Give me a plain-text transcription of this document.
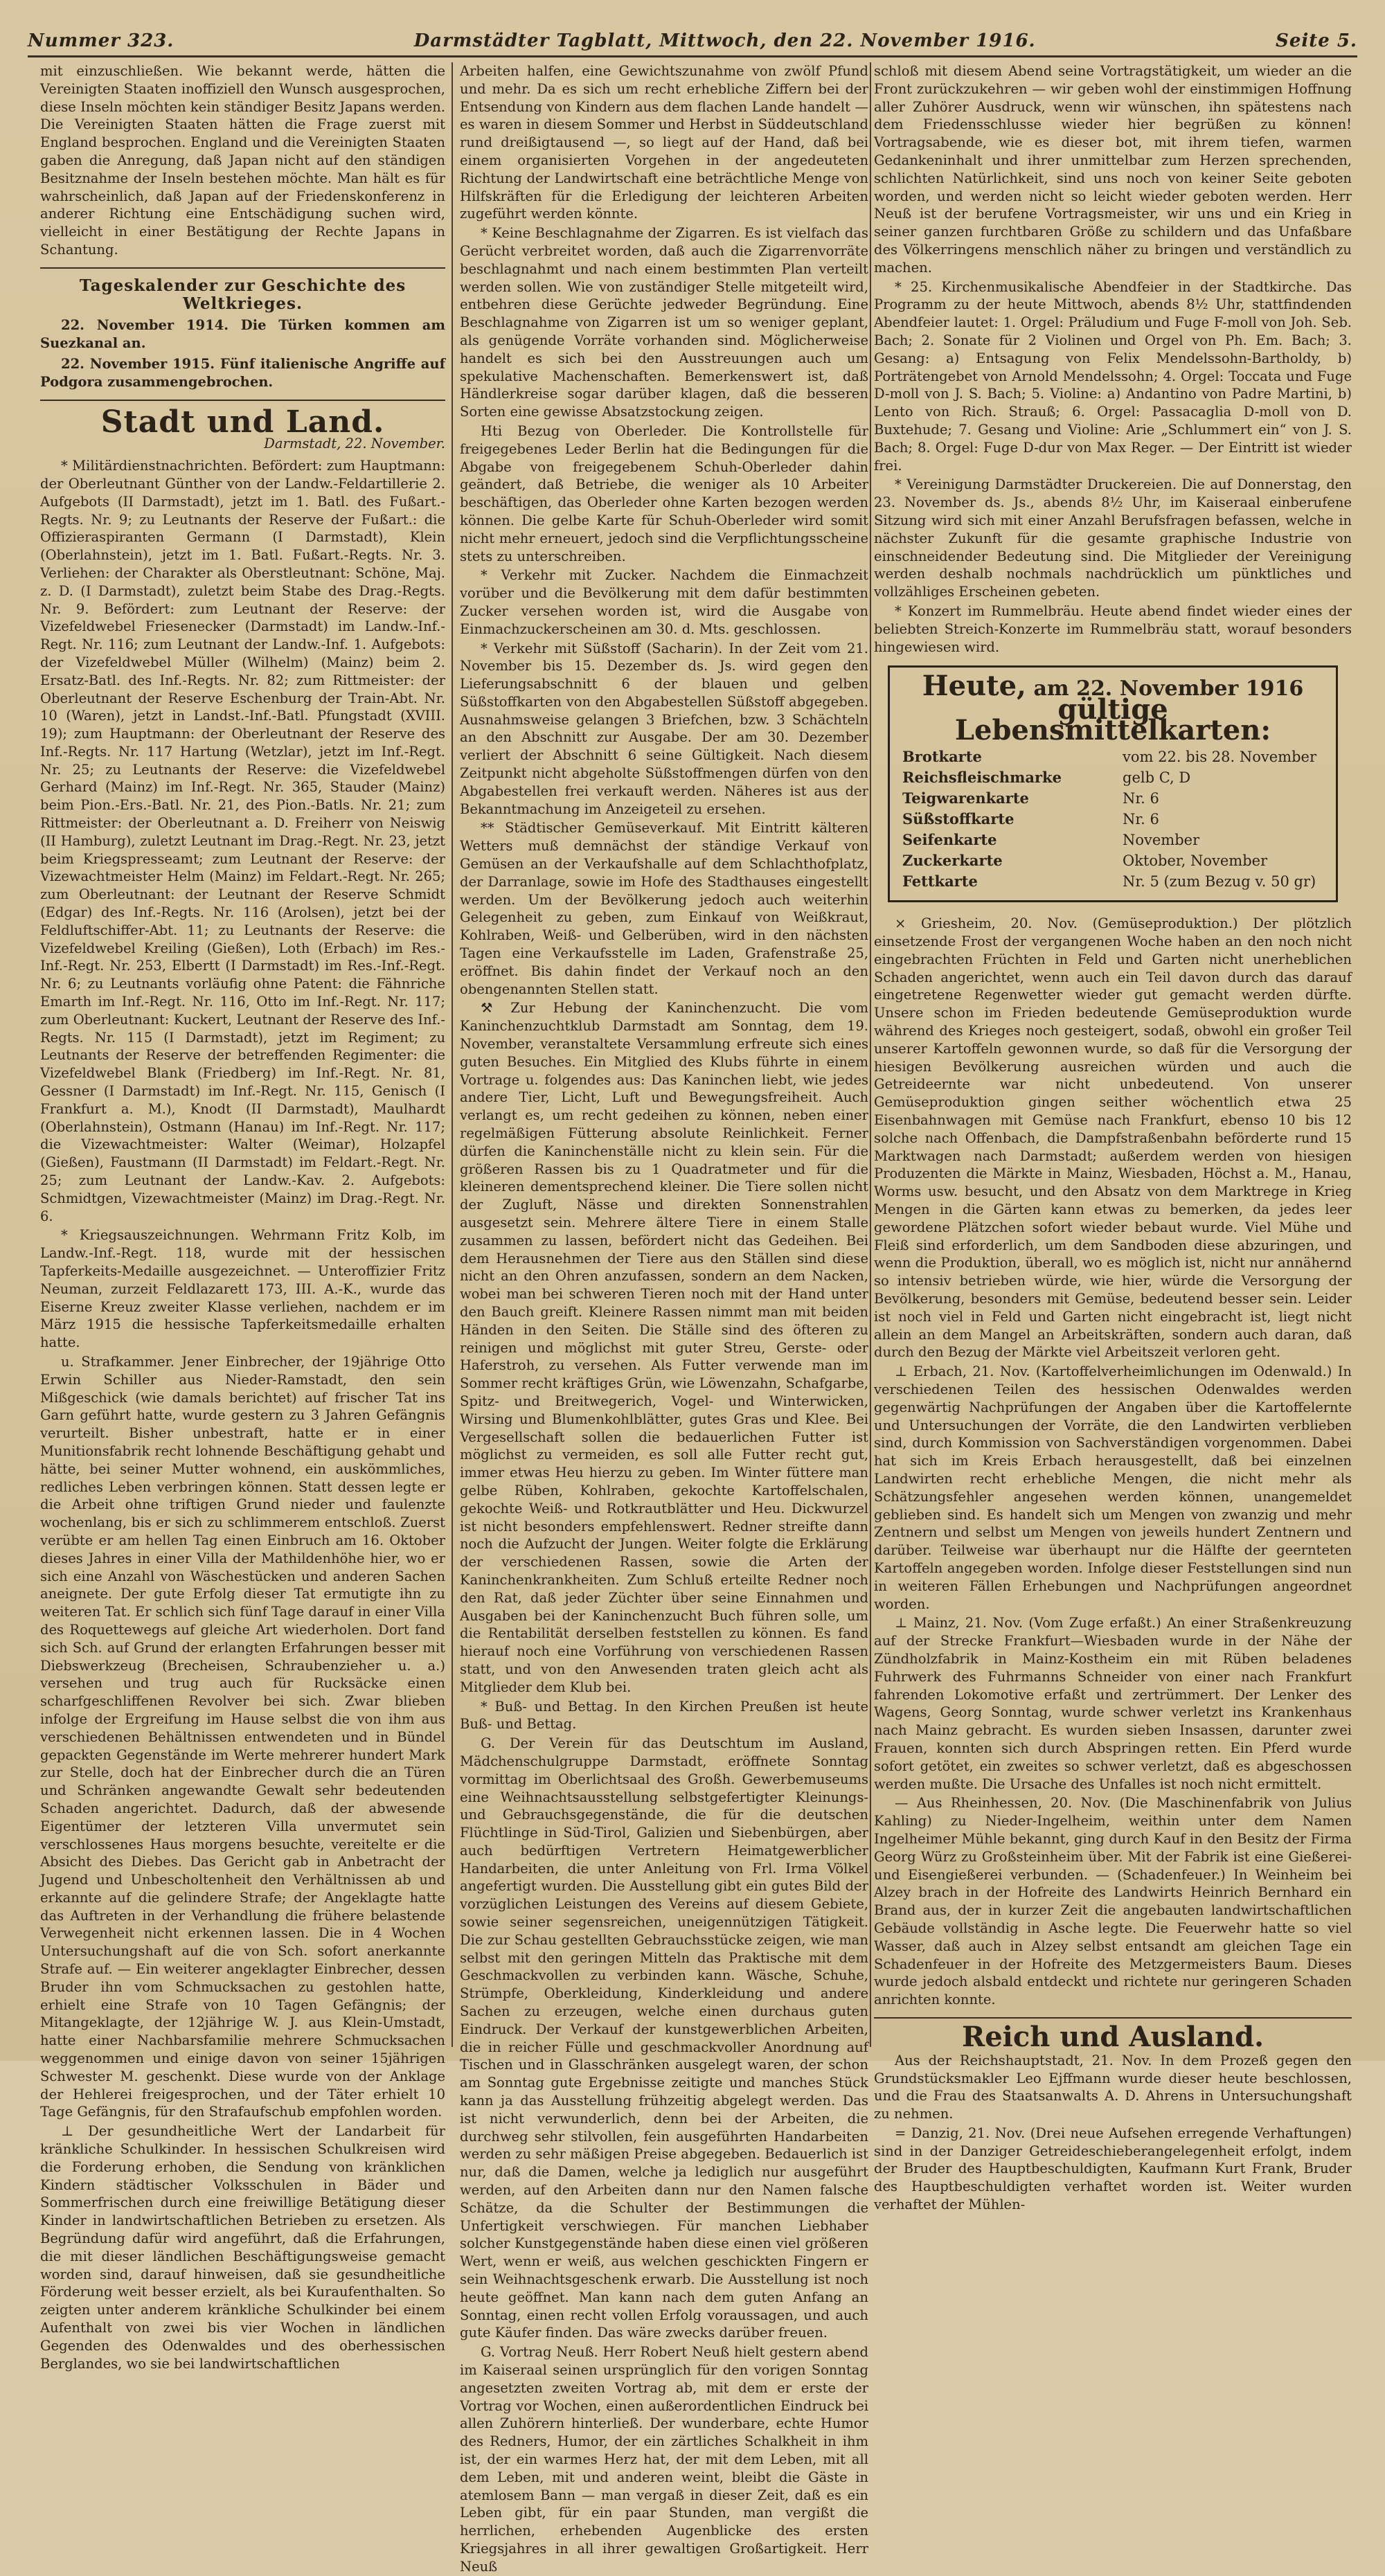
Nummer 323.	Darmstädter Tagblatt, Mittwoch, den 22. November 1916.	Seite 5.

mit einzuschließen. Wie bekannt werde, hätten die Vereinigten Staaten inoffiziell den Wunsch ausgesprochen, diese Inseln möchten kein ständiger Besitz Japans werden. Die Vereinigten Staaten hätten die Frage zuerst mit England besprochen. England und die Vereinigten Staaten gaben die Anregung, daß Japan nicht auf den ständigen Besitznahme der Inseln bestehen möchte. Man hält es für wahrscheinlich, daß Japan auf der Friedenskonferenz in anderer Richtung eine Entschädigung suchen wird, vielleicht in einer Bestätigung der Rechte Japans in Schantung.

Tageskalender zur Geschichte des Weltkrieges.

22. November 1914. Die Türken kommen am Suezkanal an.

22. November 1915. Fünf italienische Angriffe auf Podgora zusammengebrochen.

Stadt und Land.
Darmstadt, 22. November.

* Militärdienstnachrichten. Befördert: zum Hauptmann: der Oberleutnant Günther von der Landw.-Feldartillerie 2. Aufgebots (II Darmstadt), jetzt im 1. Batl. des Fußart.-Regts. Nr. 9; zu Leutnants der Reserve der Fußart.: die Offizieraspiranten Germann (I Darmstadt), Klein (Oberlahnstein), jetzt im 1. Batl. Fußart.-Regts. Nr. 3. Verliehen: der Charakter als Oberstleutnant: Schöne, Maj. z. D. (I Darmstadt), zuletzt beim Stabe des Drag.-Regts. Nr. 9. Befördert: zum Leutnant der Reserve: der Vizefeldwebel Friesenecker (Darmstadt) im Landw.-Inf.-Regt. Nr. 116; zum Leutnant der Landw.-Inf. 1. Aufgebots: der Vizefeldwebel Müller (Wilhelm) (Mainz) beim 2. Ersatz-Batl. des Inf.-Regts. Nr. 82; zum Rittmeister: der Oberleutnant der Reserve Eschenburg der Train-Abt. Nr. 10 (Waren), jetzt in Landst.-Inf.-Batl. Pfungstadt (XVIII. 19); zum Hauptmann: der Oberleutnant der Reserve des Inf.-Regts. Nr. 117 Hartung (Wetzlar), jetzt im Inf.-Regt. Nr. 25; zu Leutnants der Reserve: die Vizefeldwebel Gerhard (Mainz) im Inf.-Regt. Nr. 365, Stauder (Mainz) beim Pion.-Ers.-Batl. Nr. 21, des Pion.-Batls. Nr. 21; zum Rittmeister: der Oberleutnant a. D. Freiherr von Neiswig (II Hamburg), zuletzt Leutnant im Drag.-Regt. Nr. 23, jetzt beim Kriegspresseamt; zum Leutnant der Reserve: der Vizewachtmeister Helm (Mainz) im Feldart.-Regt. Nr. 265; zum Oberleutnant: der Leutnant der Reserve Schmidt (Edgar) des Inf.-Regts. Nr. 116 (Arolsen), jetzt bei der Feldluftschiffer-Abt. 11; zu Leutnants der Reserve: die Vizefeldwebel Kreiling (Gießen), Loth (Erbach) im Res.-Inf.-Regt. Nr. 253, Elbertt (I Darmstadt) im Res.-Inf.-Regt. Nr. 6; zu Leutnants vorläufig ohne Patent: die Fähnriche Emarth im Inf.-Regt. Nr. 116, Otto im Inf.-Regt. Nr. 117; zum Oberleutnant: Kuckert, Leutnant der Reserve des Inf.-Regts. Nr. 115 (I Darmstadt), jetzt im Regiment; zu Leutnants der Reserve der betreffenden Regimenter: die Vizefeldwebel Blank (Friedberg) im Inf.-Regt. Nr. 81, Gessner (I Darmstadt) im Inf.-Regt. Nr. 115, Genisch (I Frankfurt a. M.), Knodt (II Darmstadt), Maulhardt (Oberlahnstein), Ostmann (Hanau) im Inf.-Regt. Nr. 117; die Vizewachtmeister: Walter (Weimar), Holzapfel (Gießen), Faustmann (II Darmstadt) im Feldart.-Regt. Nr. 25; zum Leutnant der Landw.-Kav. 2. Aufgebots: Schmidtgen, Vizewachtmeister (Mainz) im Drag.-Regt. Nr. 6.

* Kriegsauszeichnungen. Wehrmann Fritz Kolb, im Landw.-Inf.-Regt. 118, wurde mit der hessischen Tapferkeits-Medaille ausgezeichnet. — Unteroffizier Fritz Neuman, zurzeit Feldlazarett 173, III. A.-K., wurde das Eiserne Kreuz zweiter Klasse verliehen, nachdem er im März 1915 die hessische Tapferkeitsmedaille erhalten hatte.

u. Strafkammer. Jener Einbrecher, der 19jährige Otto Erwin Schiller aus Nieder-Ramstadt, den sein Mißgeschick (wie damals berichtet) auf frischer Tat ins Garn geführt hatte, wurde gestern zu 3 Jahren Gefängnis verurteilt. Bisher unbestraft, hatte er in einer Munitionsfabrik recht lohnende Beschäftigung gehabt und hätte, bei seiner Mutter wohnend, ein auskömmliches, redliches Leben verbringen können. Statt dessen legte er die Arbeit ohne triftigen Grund nieder und faulenzte wochenlang, bis er sich zu schlimmerem entschloß. Zuerst verübte er am hellen Tag einen Einbruch am 16. Oktober dieses Jahres in einer Villa der Mathildenhöhe hier, wo er sich eine Anzahl von Wäschestücken und anderen Sachen aneignete. Der gute Erfolg dieser Tat ermutigte ihn zu weiteren Tat. Er schlich sich fünf Tage darauf in einer Villa des Roquettewegs auf gleiche Art wiederholen. Dort fand sich Sch. auf Grund der erlangten Erfahrungen besser mit Diebswerkzeug (Brecheisen, Schraubenzieher u. a.) versehen und trug auch für Rucksäcke einen scharfgeschliffenen Revolver bei sich. Zwar blieben infolge der Ergreifung im Hause selbst die von ihm aus verschiedenen Behältnissen entwendeten und in Bündel gepackten Gegenstände im Werte mehrerer hundert Mark zur Stelle, doch hat der Einbrecher durch die an Türen und Schränken angewandte Gewalt sehr bedeutenden Schaden angerichtet. Dadurch, daß der abwesende Eigentümer der letzteren Villa unvermutet sein verschlossenes Haus morgens besuchte, vereitelte er die Absicht des Diebes. Das Gericht gab in Anbetracht der Jugend und Unbescholtenheit den Verhältnissen ab und erkannte auf die gelindere Strafe; der Angeklagte hatte das Auftreten in der Verhandlung die frühere belastende Verwegenheit nicht erkennen lassen. Die in 4 Wochen Untersuchungshaft auf die von Sch. sofort anerkannte Strafe auf. — Ein weiterer angeklagter Einbrecher, dessen Bruder ihn vom Schmucksachen zu gestohlen hatte, erhielt eine Strafe von 10 Tagen Gefängnis; der Mitangeklagte, der 12jährige W. J. aus Klein-Umstadt, hatte einer Nachbarsfamilie mehrere Schmucksachen weggenommen und einige davon von seiner 15jährigen Schwester M. geschenkt. Diese wurde von der Anklage der Hehlerei freigesprochen, und der Täter erhielt 10 Tage Gefängnis, für den Strafaufschub empfohlen worden.

⊥ Der gesundheitliche Wert der Landarbeit für kränkliche Schulkinder. In hessischen Schulkreisen wird die Forderung erhoben, die Sendung von kränklichen Kindern städtischer Volksschulen in Bäder und Sommerfrischen durch eine freiwillige Betätigung dieser Kinder in landwirtschaftlichen Betrieben zu ersetzen. Als Begründung dafür wird angeführt, daß die Erfahrungen, die mit dieser ländlichen Beschäftigungsweise gemacht worden sind, darauf hinweisen, daß sie gesundheitliche Förderung weit besser erzielt, als bei Kuraufenthalten. So zeigten unter anderem kränkliche Schulkinder bei einem Aufenthalt von zwei bis vier Wochen in ländlichen Gegenden des Odenwaldes und des oberhessischen Berglandes, wo sie bei landwirtschaftlichen

Arbeiten halfen, eine Gewichtszunahme von zwölf Pfund und mehr. Da es sich um recht erhebliche Ziffern bei der Entsendung von Kindern aus dem flachen Lande handelt — es waren in diesem Sommer und Herbst in Süddeutschland rund dreißigtausend —, so liegt auf der Hand, daß bei einem organisierten Vorgehen in der angedeuteten Richtung der Landwirtschaft eine beträchtliche Menge von Hilfskräften für die Erledigung der leichteren Arbeiten zugeführt werden könnte.

* Keine Beschlagnahme der Zigarren. Es ist vielfach das Gerücht verbreitet worden, daß auch die Zigarrenvorräte beschlagnahmt und nach einem bestimmten Plan verteilt werden sollen. Wie von zuständiger Stelle mitgeteilt wird, entbehren diese Gerüchte jedweder Begründung. Eine Beschlagnahme von Zigarren ist um so weniger geplant, als genügende Vorräte vorhanden sind. Möglicherweise handelt es sich bei den Ausstreuungen auch um spekulative Machenschaften. Bemerkenswert ist, daß Händlerkreise sogar darüber klagen, daß die besseren Sorten eine gewisse Absatzstockung zeigen.

Hti Bezug von Oberleder. Die Kontrollstelle für freigegebenes Leder Berlin hat die Bedingungen für die Abgabe von freigegebenem Schuh-Oberleder dahin geändert, daß Betriebe, die weniger als 10 Arbeiter beschäftigen, das Oberleder ohne Karten bezogen werden können. Die gelbe Karte für Schuh-Oberleder wird somit nicht mehr erneuert, jedoch sind die Verpflichtungsscheine stets zu unterschreiben.

* Verkehr mit Zucker. Nachdem die Einmachzeit vorüber und die Bevölkerung mit dem dafür bestimmten Zucker versehen worden ist, wird die Ausgabe von Einmachzuckerscheinen am 30. d. Mts. geschlossen.

* Verkehr mit Süßstoff (Sacharin). In der Zeit vom 21. November bis 15. Dezember ds. Js. wird gegen den Lieferungsabschnitt 6 der blauen und gelben Süßstoffkarten von den Abgabestellen Süßstoff abgegeben. Ausnahmsweise gelangen 3 Briefchen, bzw. 3 Schächteln an den Abschnitt zur Ausgabe. Der am 30. Dezember verliert der Abschnitt 6 seine Gültigkeit. Nach diesem Zeitpunkt nicht abgeholte Süßstoffmengen dürfen von den Abgabestellen frei verkauft werden. Näheres ist aus der Bekanntmachung im Anzeigeteil zu ersehen.

** Städtischer Gemüseverkauf. Mit Eintritt kälteren Wetters muß demnächst der ständige Verkauf von Gemüsen an der Verkaufshalle auf dem Schlachthofplatz, der Darranlage, sowie im Hofe des Stadthauses eingestellt werden. Um der Bevölkerung jedoch auch weiterhin Gelegenheit zu geben, zum Einkauf von Weißkraut, Kohlraben, Weiß- und Gelberüben, wird in den nächsten Tagen eine Verkaufsstelle im Laden, Grafenstraße 25, eröffnet. Bis dahin findet der Verkauf noch an den obengenannten Stellen statt.

⚒ Zur Hebung der Kaninchenzucht. Die vom Kaninchenzuchtklub Darmstadt am Sonntag, dem 19. November, veranstaltete Versammlung erfreute sich eines guten Besuches. Ein Mitglied des Klubs führte in einem Vortrage u. folgendes aus: Das Kaninchen liebt, wie jedes andere Tier, Licht, Luft und Bewegungsfreiheit. Auch verlangt es, um recht gedeihen zu können, neben einer regelmäßigen Fütterung absolute Reinlichkeit. Ferner dürfen die Kaninchenställe nicht zu klein sein. Für die größeren Rassen bis zu 1 Quadratmeter und für die kleineren dementsprechend kleiner. Die Tiere sollen nicht der Zugluft, Nässe und direkten Sonnenstrahlen ausgesetzt sein. Mehrere ältere Tiere in einem Stalle zusammen zu lassen, befördert nicht das Gedeihen. Bei dem Herausnehmen der Tiere aus den Ställen sind diese nicht an den Ohren anzufassen, sondern an dem Nacken, wobei man bei schweren Tieren noch mit der Hand unter den Bauch greift. Kleinere Rassen nimmt man mit beiden Händen in den Seiten. Die Ställe sind des öfteren zu reinigen und möglichst mit guter Streu, Gerste- oder Haferstroh, zu versehen. Als Futter verwende man im Sommer recht kräftiges Grün, wie Löwenzahn, Schafgarbe, Spitz- und Breitwegerich, Vogel- und Winterwicken, Wirsing und Blumenkohlblätter, gutes Gras und Klee. Bei Vergesellschaft sollen die bedauerlichen Futter ist möglichst zu vermeiden, es soll alle Futter recht gut, immer etwas Heu hierzu zu geben. Im Winter füttere man gelbe Rüben, Kohlraben, gekochte Kartoffelschalen, gekochte Weiß- und Rotkrautblätter und Heu. Dickwurzel ist nicht besonders empfehlenswert. Redner streifte dann noch die Aufzucht der Jungen. Weiter folgte die Erklärung der verschiedenen Rassen, sowie die Arten der Kaninchenkrankheiten. Zum Schluß erteilte Redner noch den Rat, daß jeder Züchter über seine Einnahmen und Ausgaben bei der Kaninchenzucht Buch führen solle, um die Rentabilität derselben feststellen zu können. Es fand hierauf noch eine Vorführung von verschiedenen Rassen statt, und von den Anwesenden traten gleich acht als Mitglieder dem Klub bei.

* Buß- und Bettag. In den Kirchen Preußen ist heute Buß- und Bettag.

G. Der Verein für das Deutschtum im Ausland, Mädchenschulgruppe Darmstadt, eröffnete Sonntag vormittag im Oberlichtsaal des Großh. Gewerbemuseums eine Weihnachtsausstellung selbstgefertigter Kleinungs- und Gebrauchsgegenstände, die für die deutschen Flüchtlinge in Süd-Tirol, Galizien und Siebenbürgen, aber auch bedürftigen Vertretern Heimatgewerblicher Handarbeiten, die unter Anleitung von Frl. Irma Völkel angefertigt wurden. Die Ausstellung gibt ein gutes Bild der vorzüglichen Leistungen des Vereins auf diesem Gebiete, sowie seiner segensreichen, uneigennützigen Tätigkeit. Die zur Schau gestellten Gebrauchsstücke zeigen, wie man selbst mit den geringen Mitteln das Praktische mit dem Geschmackvollen zu verbinden kann. Wäsche, Schuhe, Strümpfe, Oberkleidung, Kinderkleidung und andere Sachen zu erzeugen, welche einen durchaus guten Eindruck. Der Verkauf der kunstgewerblichen Arbeiten, die in reicher Fülle und geschmackvoller Anordnung auf Tischen und in Glasschränken ausgelegt waren, der schon am Sonntag gute Ergebnisse zeitigte und manches Stück kann ja das Ausstellung frühzeitig abgelegt werden. Das ist nicht verwunderlich, denn bei der Arbeiten, die durchweg sehr stilvollen, fein ausgeführten Handarbeiten werden zu sehr mäßigen Preise abgegeben. Bedauerlich ist nur, daß die Damen, welche ja lediglich nur ausgeführt werden, auf den Arbeiten dann nur den Namen falsche Schätze, da die Schulter der Bestimmungen die Unfertigkeit verschwiegen. Für manchen Liebhaber solcher Kunstgegenstände haben diese einen viel größeren Wert, wenn er weiß, aus welchen geschickten Fingern er sein Weihnachtsgeschenk erwarb. Die Ausstellung ist noch heute geöffnet. Man kann nach dem guten Anfang an Sonntag, einen recht vollen Erfolg voraussagen, und auch gute Käufer finden. Das wäre zwecks darüber freuen.

G. Vortrag Neuß. Herr Robert Neuß hielt gestern abend im Kaiseraal seinen ursprünglich für den vorigen Sonntag angesetzten zweiten Vortrag ab, mit dem er erste der Vortrag vor Wochen, einen außerordentlichen Eindruck bei allen Zuhörern hinterließ. Der wunderbare, echte Humor des Redners, Humor, der ein zärtliches Schalkheit in ihm ist, der ein warmes Herz hat, der mit dem Leben, mit all dem Leben, mit und anderen weint, bleibt die Gäste in atemlosem Bann — man vergaß in dieser Zeit, daß es ein Leben gibt, für ein paar Stunden, man vergißt die herrlichen, erhebenden Augenblicke des ersten Kriegsjahres in all ihrer gewaltigen Großartigkeit. Herr Neuß

schloß mit diesem Abend seine Vortragstätigkeit, um wieder an die Front zurückzukehren — wir geben wohl der einstimmigen Hoffnung aller Zuhörer Ausdruck, wenn wir wünschen, ihn spätestens nach dem Friedensschlusse wieder hier begrüßen zu können! Vortragsabende, wie es dieser bot, mit ihrem tiefen, warmen Gedankeninhalt und ihrer unmittelbar zum Herzen sprechenden, schlichten Natürlichkeit, sind uns noch von keiner Seite geboten worden, und werden nicht so leicht wieder geboten werden. Herr Neuß ist der berufene Vortragsmeister, wir uns und ein Krieg in seiner ganzen furchtbaren Größe zu schildern und das Unfaßbare des Völkerringens menschlich näher zu bringen und verständlich zu machen.

* 25. Kirchenmusikalische Abendfeier in der Stadtkirche. Das Programm zu der heute Mittwoch, abends 8½ Uhr, stattfindenden Abendfeier lautet: 1. Orgel: Präludium und Fuge F-moll von Joh. Seb. Bach; 2. Sonate für 2 Violinen und Orgel von Ph. Em. Bach; 3. Gesang: a) Entsagung von Felix Mendelssohn-Bartholdy, b) Porträtengebet von Arnold Mendelssohn; 4. Orgel: Toccata und Fuge D-moll von J. S. Bach; 5. Violine: a) Andantino von Padre Martini, b) Lento von Rich. Strauß; 6. Orgel: Passacaglia D-moll von D. Buxtehude; 7. Gesang und Violine: Arie „Schlummert ein“ von J. S. Bach; 8. Orgel: Fuge D-dur von Max Reger. — Der Eintritt ist wieder frei.

* Vereinigung Darmstädter Druckereien. Die auf Donnerstag, den 23. November ds. Js., abends 8½ Uhr, im Kaiseraal einberufene Sitzung wird sich mit einer Anzahl Berufsfragen befassen, welche in nächster Zukunft für die gesamte graphische Industrie von einschneidender Bedeutung sind. Die Mitglieder der Vereinigung werden deshalb nochmals nachdrücklich um pünktliches und vollzähliges Erscheinen gebeten.

* Konzert im Rummelbräu. Heute abend findet wieder eines der beliebten Streich-Konzerte im Rummelbräu statt, worauf besonders hingewiesen wird.

Heute, am 22. November 1916
gültige Lebensmittelkarten:
Brotkarte	vom 22. bis 28. November
Reichsfleischmarke	gelb C, D
Teigwarenkarte	Nr. 6
Süßstoffkarte	Nr. 6
Seifenkarte	November
Zuckerkarte	Oktober, November
Fettkarte	Nr. 5 (zum Bezug v. 50 gr)

× Griesheim, 20. Nov. (Gemüseproduktion.) Der plötzlich einsetzende Frost der vergangenen Woche haben an den noch nicht eingebrachten Früchten in Feld und Garten nicht unerheblichen Schaden angerichtet, wenn auch ein Teil davon durch das darauf eingetretene Regenwetter wieder gut gemacht werden dürfte. Unsere schon im Frieden bedeutende Gemüseproduktion wurde während des Krieges noch gesteigert, sodaß, obwohl ein großer Teil unserer Kartoffeln gewonnen wurde, so daß für die Versorgung der hiesigen Bevölkerung ausreichen würden und auch die Getreideernte war nicht unbedeutend. Von unserer Gemüseproduktion gingen seither wöchentlich etwa 25 Eisenbahnwagen mit Gemüse nach Frankfurt, ebenso 10 bis 12 solche nach Offenbach, die Dampfstraßenbahn beförderte rund 15 Marktwagen nach Darmstadt; außerdem werden von hiesigen Produzenten die Märkte in Mainz, Wiesbaden, Höchst a. M., Hanau, Worms usw. besucht, und den Absatz von dem Marktrege in Krieg Mengen in die Gärten kann etwas zu bemerken, da jedes leer gewordene Plätzchen sofort wieder bebaut wurde. Viel Mühe und Fleiß sind erforderlich, um dem Sandboden diese abzuringen, und wenn die Produktion, überall, wo es möglich ist, nicht nur annähernd so intensiv betrieben würde, wie hier, würde die Versorgung der Bevölkerung, besonders mit Gemüse, bedeutend besser sein. Leider ist noch viel in Feld und Garten nicht eingebracht ist, liegt nicht allein an dem Mangel an Arbeitskräften, sondern auch daran, daß durch den Bezug der Märkte viel Arbeitszeit verloren geht.

⊥ Erbach, 21. Nov. (Kartoffelverheimlichungen im Odenwald.) In verschiedenen Teilen des hessischen Odenwaldes werden gegenwärtig Nachprüfungen der Angaben über die Kartoffelernte und Untersuchungen der Vorräte, die den Landwirten verblieben sind, durch Kommission von Sachverständigen vorgenommen. Dabei hat sich im Kreis Erbach herausgestellt, daß bei einzelnen Landwirten recht erhebliche Mengen, die nicht mehr als Schätzungsfehler angesehen werden können, unangemeldet geblieben sind. Es handelt sich um Mengen von zwanzig und mehr Zentnern und selbst um Mengen von jeweils hundert Zentnern und darüber. Teilweise war überhaupt nur die Hälfte der geernteten Kartoffeln angegeben worden. Infolge dieser Feststellungen sind nun in weiteren Fällen Erhebungen und Nachprüfungen angeordnet worden.

⊥ Mainz, 21. Nov. (Vom Zuge erfaßt.) An einer Straßenkreuzung auf der Strecke Frankfurt—Wiesbaden wurde in der Nähe der Zündholzfabrik in Mainz-Kostheim ein mit Rüben beladenes Fuhrwerk des Fuhrmanns Schneider von einer nach Frankfurt fahrenden Lokomotive erfaßt und zertrümmert. Der Lenker des Wagens, Georg Sonntag, wurde schwer verletzt ins Krankenhaus nach Mainz gebracht. Es wurden sieben Insassen, darunter zwei Frauen, konnten sich durch Abspringen retten. Ein Pferd wurde sofort getötet, ein zweites so schwer verletzt, daß es abgeschossen werden mußte. Die Ursache des Unfalles ist noch nicht ermittelt.

— Aus Rheinhessen, 20. Nov. (Die Maschinenfabrik von Julius Kahling) zu Nieder-Ingelheim, weithin unter dem Namen Ingelheimer Mühle bekannt, ging durch Kauf in den Besitz der Firma Georg Würz zu Großsteinheim über. Mit der Fabrik ist eine Gießerei- und Eisengießerei verbunden. — (Schadenfeuer.) In Weinheim bei Alzey brach in der Hofreite des Landwirts Heinrich Bernhard ein Brand aus, der in kurzer Zeit die angebauten landwirtschaftlichen Gebäude vollständig in Asche legte. Die Feuerwehr hatte so viel Wasser, daß auch in Alzey selbst entsandt am gleichen Tage ein Schadenfeuer in der Hofreite des Metzgermeisters Baum. Dieses wurde jedoch alsbald entdeckt und richtete nur geringeren Schaden anrichten konnte.

Reich und Ausland.

Aus der Reichshauptstadt, 21. Nov. In dem Prozeß gegen den Grundstücksmakler Leo Ejffmann wurde dieser heute beschlossen, und die Frau des Staatsanwalts A. D. Ahrens in Untersuchungshaft zu nehmen.

= Danzig, 21. Nov. (Drei neue Aufsehen erregende Verhaftungen) sind in der Danziger Getreideschieberangelegenheit erfolgt, indem der Bruder des Hauptbeschuldigten, Kaufmann Kurt Frank, Bruder des Hauptbeschuldigten verhaftet worden ist. Weiter wurden verhaftet der Mühlen-
